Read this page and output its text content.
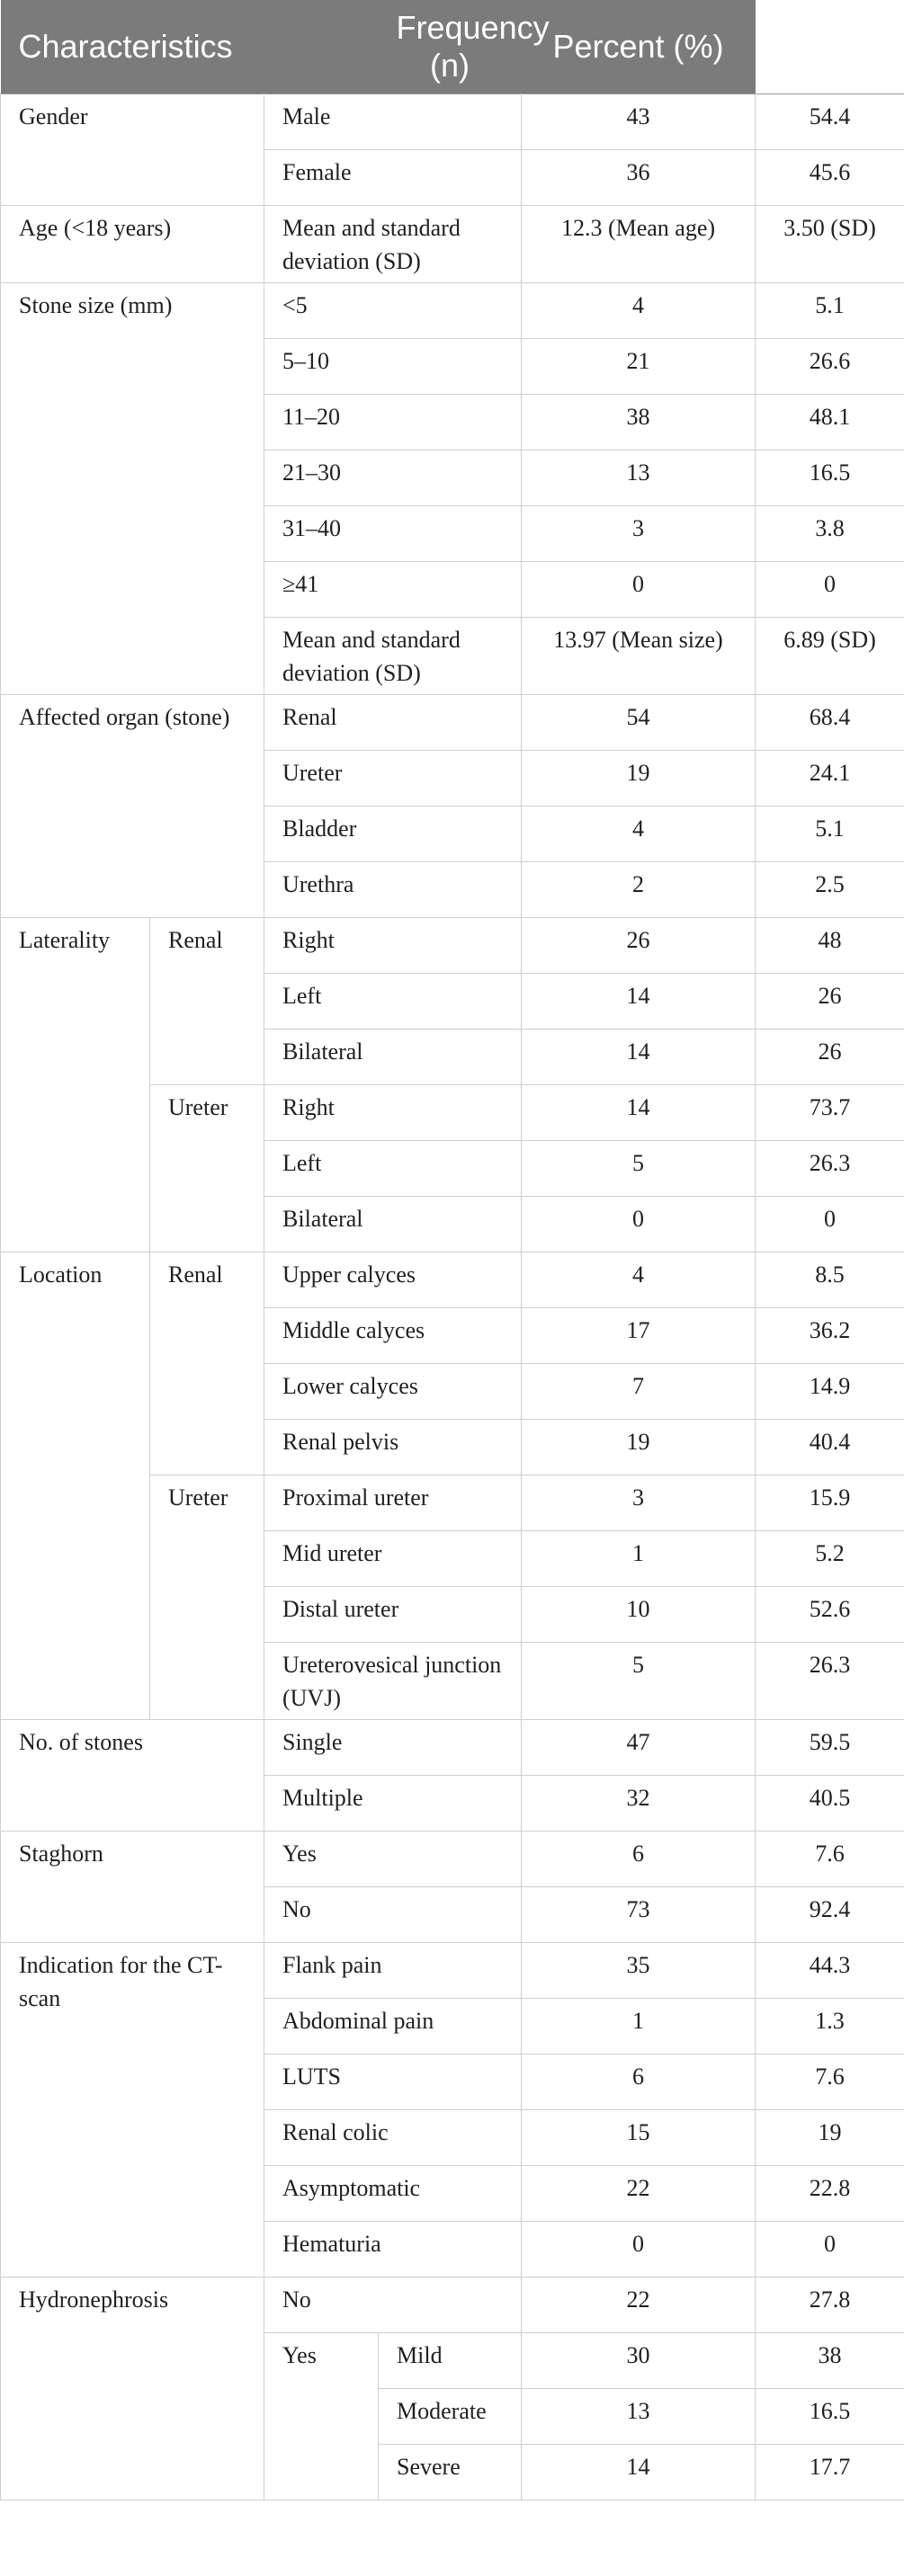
Characteristics			Frequency (n)	Percent (%)	
Gender		Male		43	54.4
		Female		36	45.6
Age (<18 years)		Mean and standard deviation (SD)		12.3 (Mean age)	3.50 (SD)
Stone size (mm)		<5		4	5.1
		5–10		21	26.6
		11–20		38	48.1
		21–30		13	16.5
		31–40		3	3.8
		≥41		0	0
		Mean and standard deviation (SD)		13.97 (Mean size)	6.89 (SD)
Affected organ (stone)		Renal		54	68.4
		Ureter		19	24.1
		Bladder		4	5.1
		Urethra		2	2.5
Laterality	Renal	Right		26	48
		Left		14	26
		Bilateral		14	26
	Ureter	Right		14	73.7
		Left		5	26.3
		Bilateral		0	0
Location	Renal	Upper calyces		4	8.5
		Middle calyces		17	36.2
		Lower calyces		7	14.9
		Renal pelvis		19	40.4
	Ureter	Proximal ureter		3	15.9
		Mid ureter		1	5.2
		Distal ureter		10	52.6
		Ureterovesical junction (UVJ)		5	26.3
No. of stones		Single		47	59.5
		Multiple		32	40.5
Staghorn		Yes		6	7.6
		No		73	92.4
Indication for the CT-scan		Flank pain		35	44.3
		Abdominal pain		1	1.3
		LUTS		6	7.6
		Renal colic		15	19
		Asymptomatic		22	22.8
		Hematuria		0	0
Hydronephrosis		No		22	27.8
		Yes	Mild	30	38
			Moderate	13	16.5
			Severe	14	17.7
